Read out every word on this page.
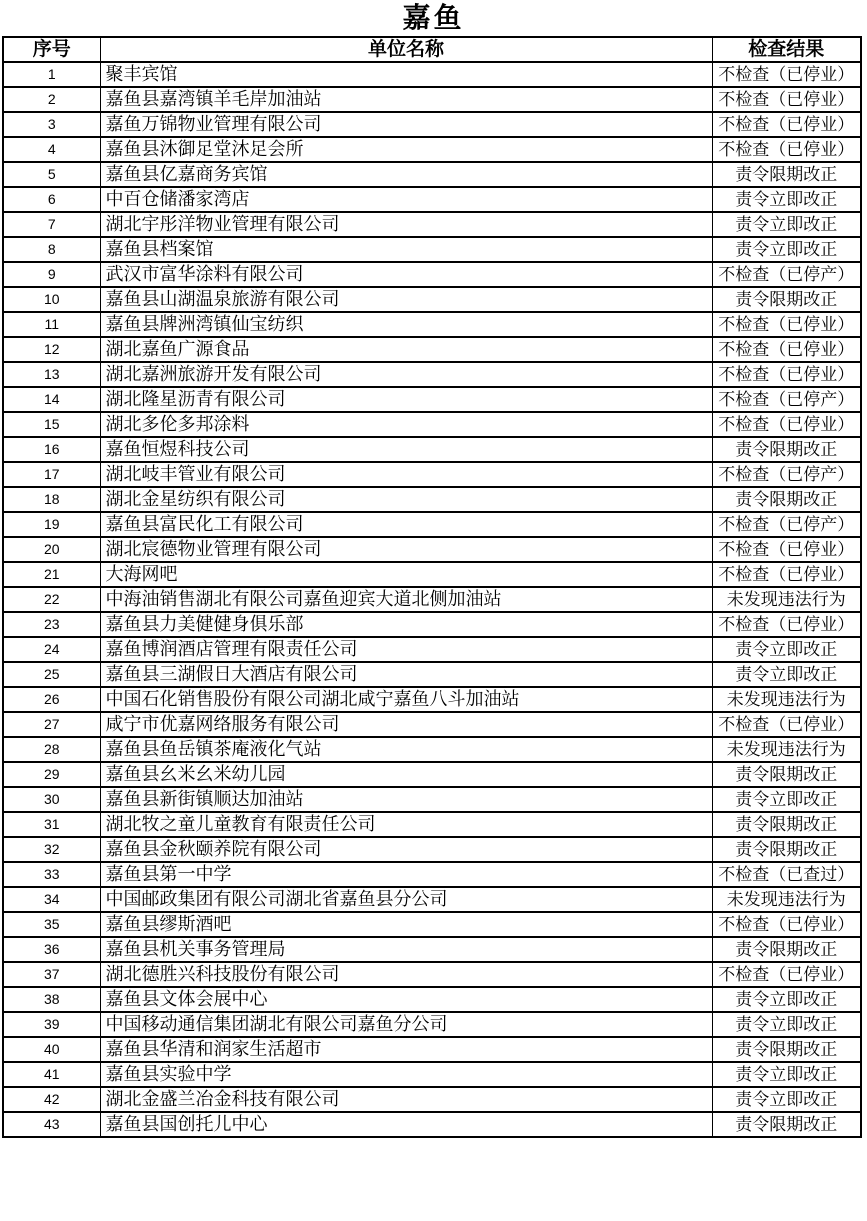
嘉鱼
序号	单位名称	检查结果
1	聚丰宾馆	不检查（已停业）
2	嘉鱼县嘉湾镇羊毛岸加油站	不检查（已停业）
3	嘉鱼万锦物业管理有限公司	不检查（已停业）
4	嘉鱼县沐御足堂沐足会所	不检查（已停业）
5	嘉鱼县亿嘉商务宾馆	责令限期改正
6	中百仓储潘家湾店	责令立即改正
7	湖北宇彤洋物业管理有限公司	责令立即改正
8	嘉鱼县档案馆	责令立即改正
9	武汉市富华涂料有限公司	不检查（已停产）
10	嘉鱼县山湖温泉旅游有限公司	责令限期改正
11	嘉鱼县牌洲湾镇仙宝纺织	不检查（已停业）
12	湖北嘉鱼广源食品	不检查（已停业）
13	湖北嘉洲旅游开发有限公司	不检查（已停业）
14	湖北隆星沥青有限公司	不检查（已停产）
15	湖北多伦多邦涂料	不检查（已停业）
16	嘉鱼恒煜科技公司	责令限期改正
17	湖北岐丰管业有限公司	不检查（已停产）
18	湖北金星纺织有限公司	责令限期改正
19	嘉鱼县富民化工有限公司	不检查（已停产）
20	湖北宸德物业管理有限公司	不检查（已停业）
21	大海网吧	不检查（已停业）
22	中海油销售湖北有限公司嘉鱼迎宾大道北侧加油站	未发现违法行为
23	嘉鱼县力美健健身俱乐部	不检查（已停业）
24	嘉鱼博润酒店管理有限责任公司	责令立即改正
25	嘉鱼县三湖假日大酒店有限公司	责令立即改正
26	中国石化销售股份有限公司湖北咸宁嘉鱼八斗加油站	未发现违法行为
27	咸宁市优嘉网络服务有限公司	不检查（已停业）
28	嘉鱼县鱼岳镇茶庵液化气站	未发现违法行为
29	嘉鱼县幺米幺米幼儿园	责令限期改正
30	嘉鱼县新街镇顺达加油站	责令立即改正
31	湖北牧之童儿童教育有限责任公司	责令限期改正
32	嘉鱼县金秋颐养院有限公司	责令限期改正
33	嘉鱼县第一中学	不检查（已查过）
34	中国邮政集团有限公司湖北省嘉鱼县分公司	未发现违法行为
35	嘉鱼县缪斯酒吧	不检查（已停业）
36	嘉鱼县机关事务管理局	责令限期改正
37	湖北德胜兴科技股份有限公司	不检查（已停业）
38	嘉鱼县文体会展中心	责令立即改正
39	中国移动通信集团湖北有限公司嘉鱼分公司	责令立即改正
40	嘉鱼县华清和润家生活超市	责令限期改正
41	嘉鱼县实验中学	责令立即改正
42	湖北金盛兰冶金科技有限公司	责令立即改正
43	嘉鱼县国创托儿中心	责令限期改正
